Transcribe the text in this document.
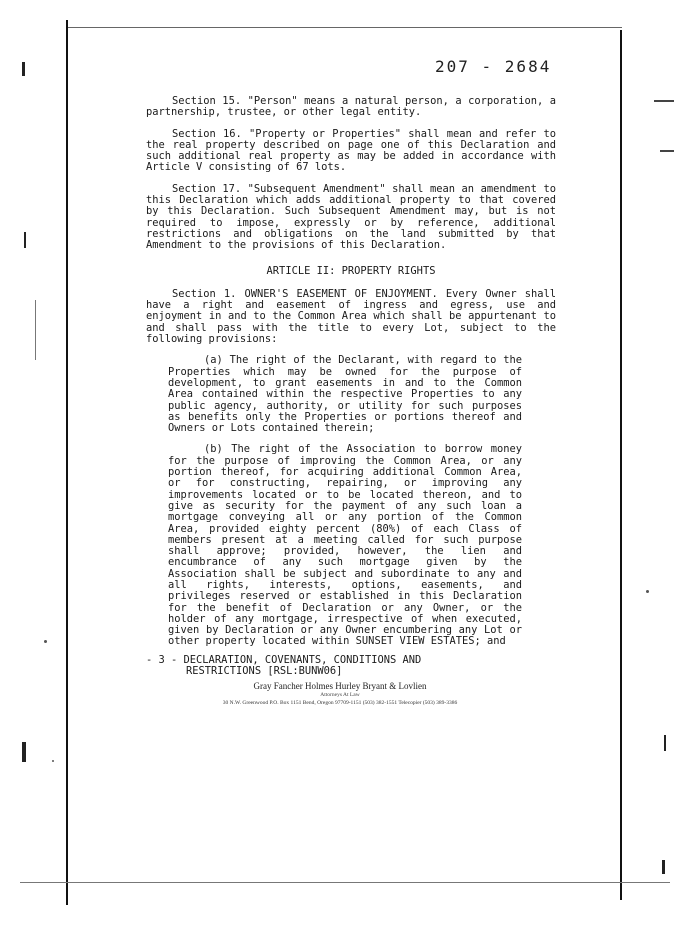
207 - 2684

Section 15. "Person" means a natural person, a corporation, a partnership, trustee, or other legal entity.

Section 16. "Property or Properties" shall mean and refer to the real property described on page one of this Declaration and such additional real property as may be added in accordance with Article V consisting of 67 lots.

Section 17. "Subsequent Amendment" shall mean an amendment to this Declaration which adds additional property to that covered by this Declaration. Such Subsequent Amendment may, but is not required to impose, expressly or by reference, additional restrictions and obligations on the land submitted by that Amendment to the provisions of this Declaration.

ARTICLE II: PROPERTY RIGHTS

Section 1. OWNER'S EASEMENT OF ENJOYMENT. Every Owner shall have a right and easement of ingress and egress, use and enjoyment in and to the Common Area which shall be appurtenant to and shall pass with the title to every Lot, subject to the following provisions:

(a) The right of the Declarant, with regard to the Properties which may be owned for the purpose of development, to grant easements in and to the Common Area contained within the respective Properties to any public agency, authority, or utility for such purposes as benefits only the Properties or portions thereof and Owners or Lots contained therein;

(b) The right of the Association to borrow money for the purpose of improving the Common Area, or any portion thereof, for acquiring additional Common Area, or for constructing, repairing, or improving any improvements located or to be located thereon, and to give as security for the payment of any such loan a mortgage conveying all or any portion of the Common Area, provided eighty percent (80%) of each Class of members present at a meeting called for such purpose shall approve; provided, however, the lien and encumbrance of any such mortgage given by the Association shall be subject and subordinate to any and all rights, interests, options, easements, and privileges reserved or established in this Declaration for the benefit of Declaration or any Owner, or the holder of any mortgage, irrespective of when executed, given by Declaration or any Owner encumbering any Lot or other property located within SUNSET VIEW ESTATES; and

- 3 - DECLARATION, COVENANTS, CONDITIONS AND
RESTRICTIONS [RSL:BUNW06]
Gray Fancher Holmes Hurley Bryant & Lovlien
Attorneys At Law
30 N.W. Greenwood P.O. Box 1151 Bend, Oregon 97709-1151 (503) 382-1551 Telecopier (503) 389-3386
